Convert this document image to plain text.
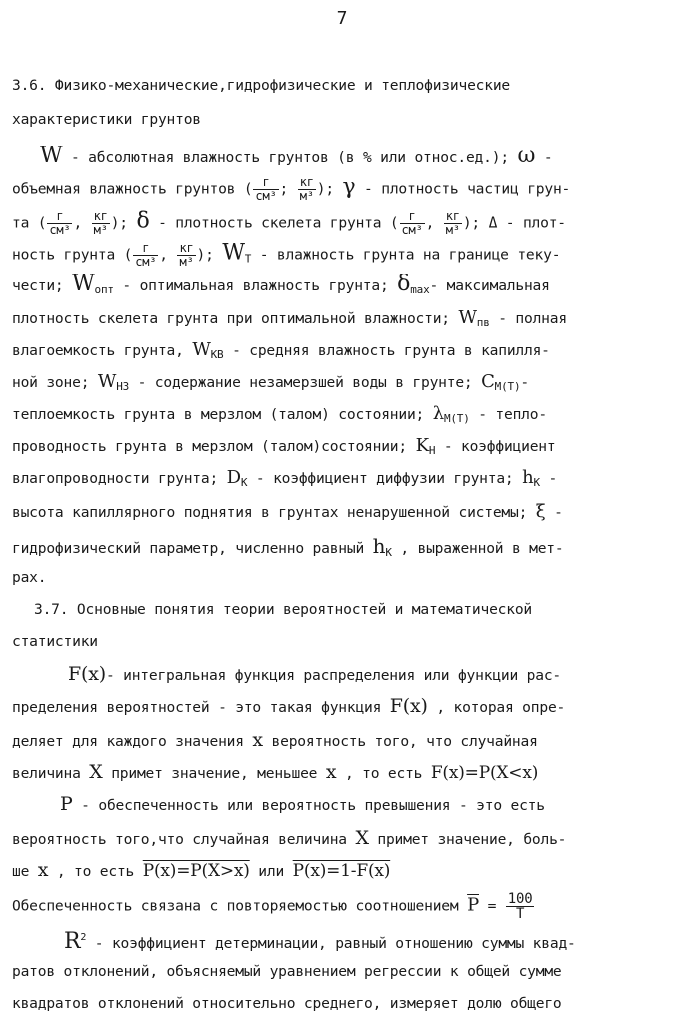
7
3.6. Физико-механические,гидрофизические и теплофизические
характеристики грунтов
W - абсолютная влажность грунтов (в % или относ.ед.); ω -
объемная влажность грунтов ( $\frac{г}{\text{см³}}$ ; $\frac{кг}{\text{м³}}$ ); γ - плотность частиц грун-
та ( $\frac{г}{\text{см³}}$ , $\frac{кг}{\text{м³}}$ ); δ - плотность скелета грунта ( $\frac{г}{\text{см³}}$ , $\frac{кг}{\text{м³}}$ ); Δ - плот-
ность грунта ( $\frac{г}{\text{см³}}$ , $\frac{кг}{\text{м³}}$ ); $W_Т$ - влажность грунта на границе теку-
чести; $W_{опт}$ - оптимальная влажность грунта; $\delta_{maх}-$ максимальная
плотность скелета грунта при оптимальной влажности; $W_{пв}$ - полная
влагоемкость грунта, $W_{КВ}$ - средняя влажность грунта в капилля-
ной зоне; $W_{НЗ}$ - содержание незамерзшей воды в грунте; $C_{М(Т)}-$
теплоемкость грунта в мерзлом (талом) состоянии; $\lambda_{М(Т)}$ - тепло-
проводность грунта в мерзлом (талом)состоянии; $K_Н$ - коэффициент
влагопроводности грунта; $D_К$ - коэффициент диффузии грунта; $h_К$ -
высота капиллярного поднятия в грунтах ненарушенной системы; ξ -
гидрофизический параметр, численно равный $h_К$ , выраженной в мет-
рах.
3.7. Основные понятия теории вероятностей и математической
статистики
F(x)- интегральная функция распределения или функции рас-
пределения вероятностей - это такая функция F(x) , которая опре-
деляет для каждого значения x вероятность того, что случайная
величина X примет значение, меньшее x , то есть F(x)=P(X<x)
$\overline{P}$ - обеспеченность или вероятность превышения - это есть
вероятность того,что случайная величина X примет значение, боль-
ше x , то есть P(x)=P(X>x) или P(x)=1-F(x)
Обеспеченность связана с повторяемостью соотношением $\overline{P} = \frac{100}{Т}$
$R^2$ - коэффициент детерминации, равный отношению суммы квад-
ратов отклонений, объясняемый уравнением регрессии к общей сумме
квадратов отклонений относительно среднего, измеряет долю общего
